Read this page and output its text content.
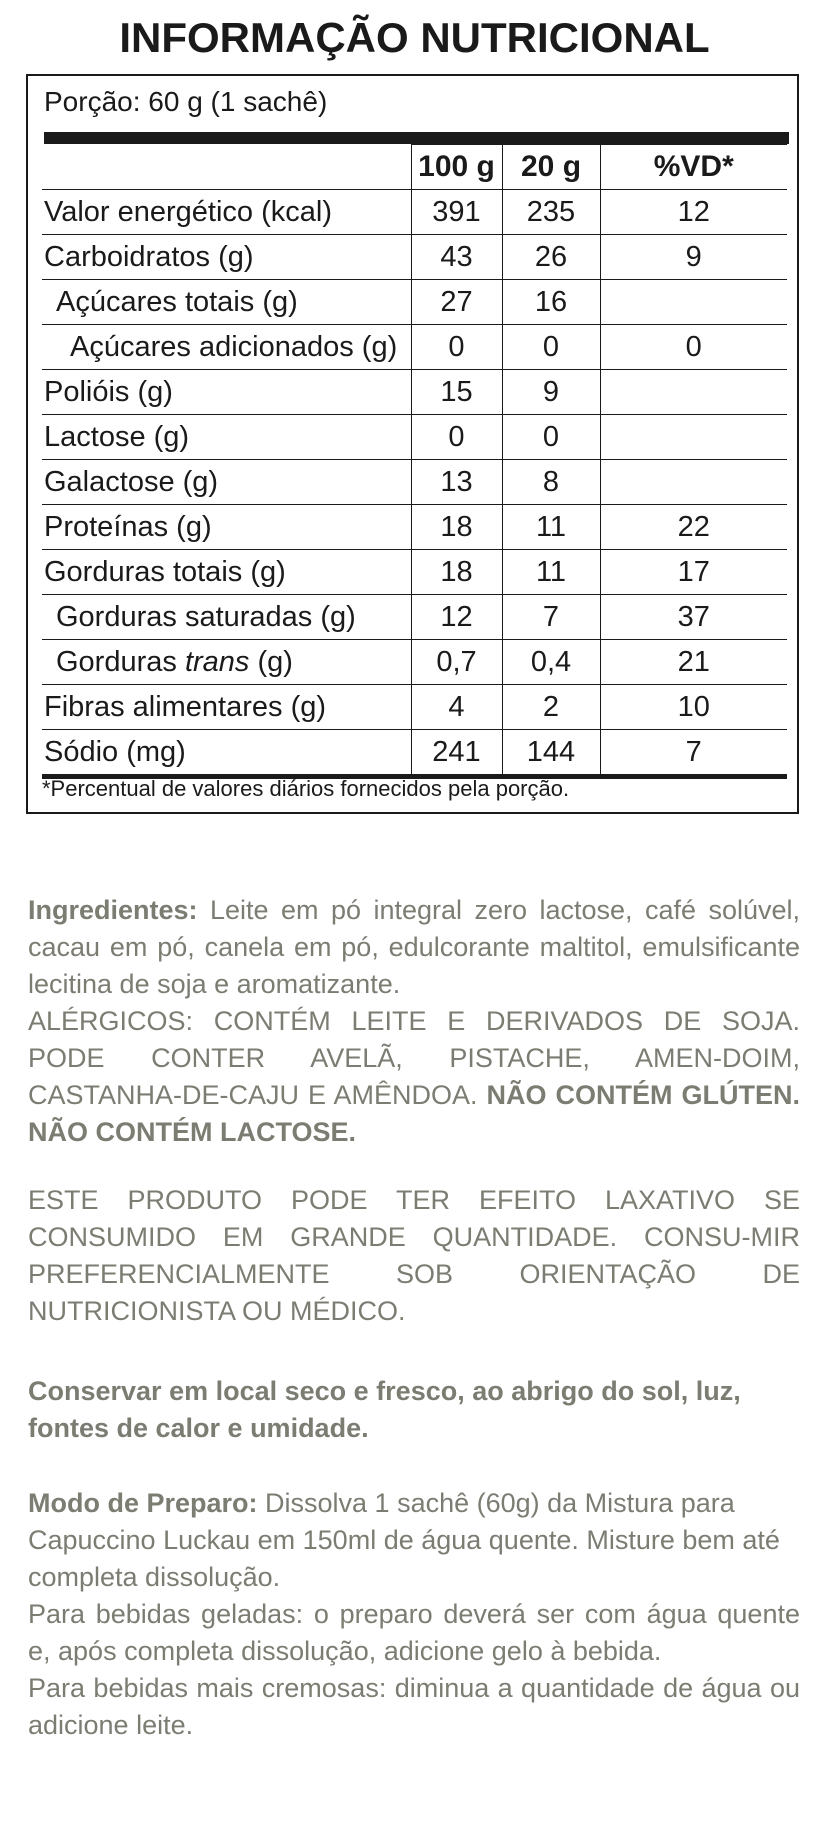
INFORMAÇÃO NUTRICIONAL
Porção: 60 g (1 sachê)
	100 g	20 g	%VD*
Valor energético (kcal)	391	235	12
Carboidratos (g)	43	26	9
Açúcares totais (g)	27	16	
Açúcares adicionados (g)	0	0	0
Polióis (g)	15	9	
Lactose (g)	0	0	
Galactose (g)	13	8	
Proteínas (g)	18	11	22
Gorduras totais (g)	18	11	17
Gorduras saturadas (g)	12	7	37
Gorduras trans (g)	0,7	0,4	21
Fibras alimentares (g)	4	2	10
Sódio (mg)	241	144	7
*Percentual de valores diários fornecidos pela porção.

Ingredientes: Leite em pó integral zero lactose, café solúvel, cacau em pó, canela em pó, edulcorante maltitol, emulsificante lecitina de soja e aromatizante.

ALÉRGICOS: CONTÉM LEITE E DERIVADOS DE SOJA. PODE CONTER AVELÃ, PISTACHE, AMEN-DOIM, CASTANHA-DE-CAJU E AMÊNDOA. NÃO CONTÉM GLÚTEN. NÃO CONTÉM LACTOSE.

ESTE PRODUTO PODE TER EFEITO LAXATIVO SE CONSUMIDO EM GRANDE QUANTIDADE. CONSU-MIR PREFERENCIALMENTE SOB ORIENTAÇÃO DE NUTRICIONISTA OU MÉDICO.
Conservar em local seco e fresco, ao abrigo do sol, luz, fontes de calor e umidade.

Modo de Preparo: Dissolva 1 sachê (60g) da Mistura para Capuccino Luckau em 150ml de água quente. Misture bem até completa dissolução.

Para bebidas geladas: o preparo deverá ser com água quente e, após completa dissolução, adicione gelo à bebida.

Para bebidas mais cremosas: diminua a quantidade de água ou adicione leite.
